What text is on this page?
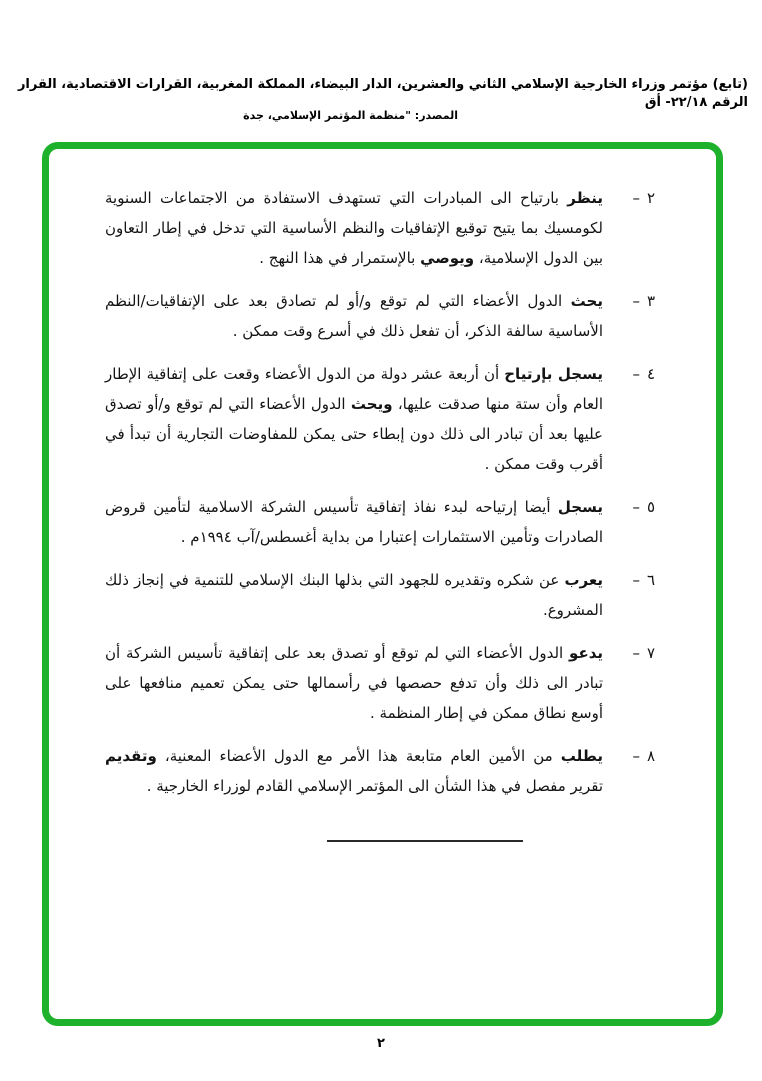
(تابع) مؤتمر وزراء الخارجية الإسلامي الثاني والعشرين، الدار البيضاء، المملكة المغربية، القرارات الاقتصادية، القرار الرقم ٢٢/١٨- أق
المصدر: "منظمة المؤتمر الإسلامي، جدة
٢
–
ينظر بارتياح الى المبادرات التي تستهدف الاستفادة من الاجتماعات السنوية لكومسيك بما يتيح توقيع الإتفاقيات والنظم الأساسية التي تدخل في إطار التعاون بين الدول الإسلامية، ويوصي بالإستمرار في هذا النهج .
٣
–
يحث الدول الأعضاء التي لم توقع و/أو لم تصادق بعد على الإتفاقيات/النظم الأساسية سالفة الذكر، أن تفعل ذلك في أسرع وقت ممكن .
٤
–
يسجل بإرتياح أن أربعة عشر دولة من الدول الأعضاء وقعت على إتفاقية الإطار العام وأن ستة منها صدقت عليها، ويحث الدول الأعضاء التي لم توقع و/أو تصدق عليها بعد أن تبادر الى ذلك دون إبطاء حتى يمكن للمفاوضات التجارية أن تبدأ في أقرب وقت ممكن .
٥
–
يسجل أيضا إرتياحه لبدء نفاذ إتفاقية تأسيس الشركة الاسلامية لتأمين قروض الصادرات وتأمين الاستثمارات إعتبارا من بداية أغسطس/آب ١٩٩٤م .
٦
–
يعرب عن شكره وتقديره للجهود التي بذلها البنك الإسلامي للتنمية في إنجاز ذلك المشروع.
٧
–
يدعو الدول الأعضاء التي لم توقع أو تصدق بعد على إتفاقية تأسيس الشركة أن تبادر الى ذلك وأن تدفع حصصها في رأسمالها حتى يمكن تعميم منافعها على أوسع نطاق ممكن في إطار المنظمة .
٨
–
يطلب من الأمين العام متابعة هذا الأمر مع الدول الأعضاء المعنية، وتقديم تقرير مفصل في هذا الشأن الى المؤتمر الإسلامي القادم لوزراء الخارجية .
٢
